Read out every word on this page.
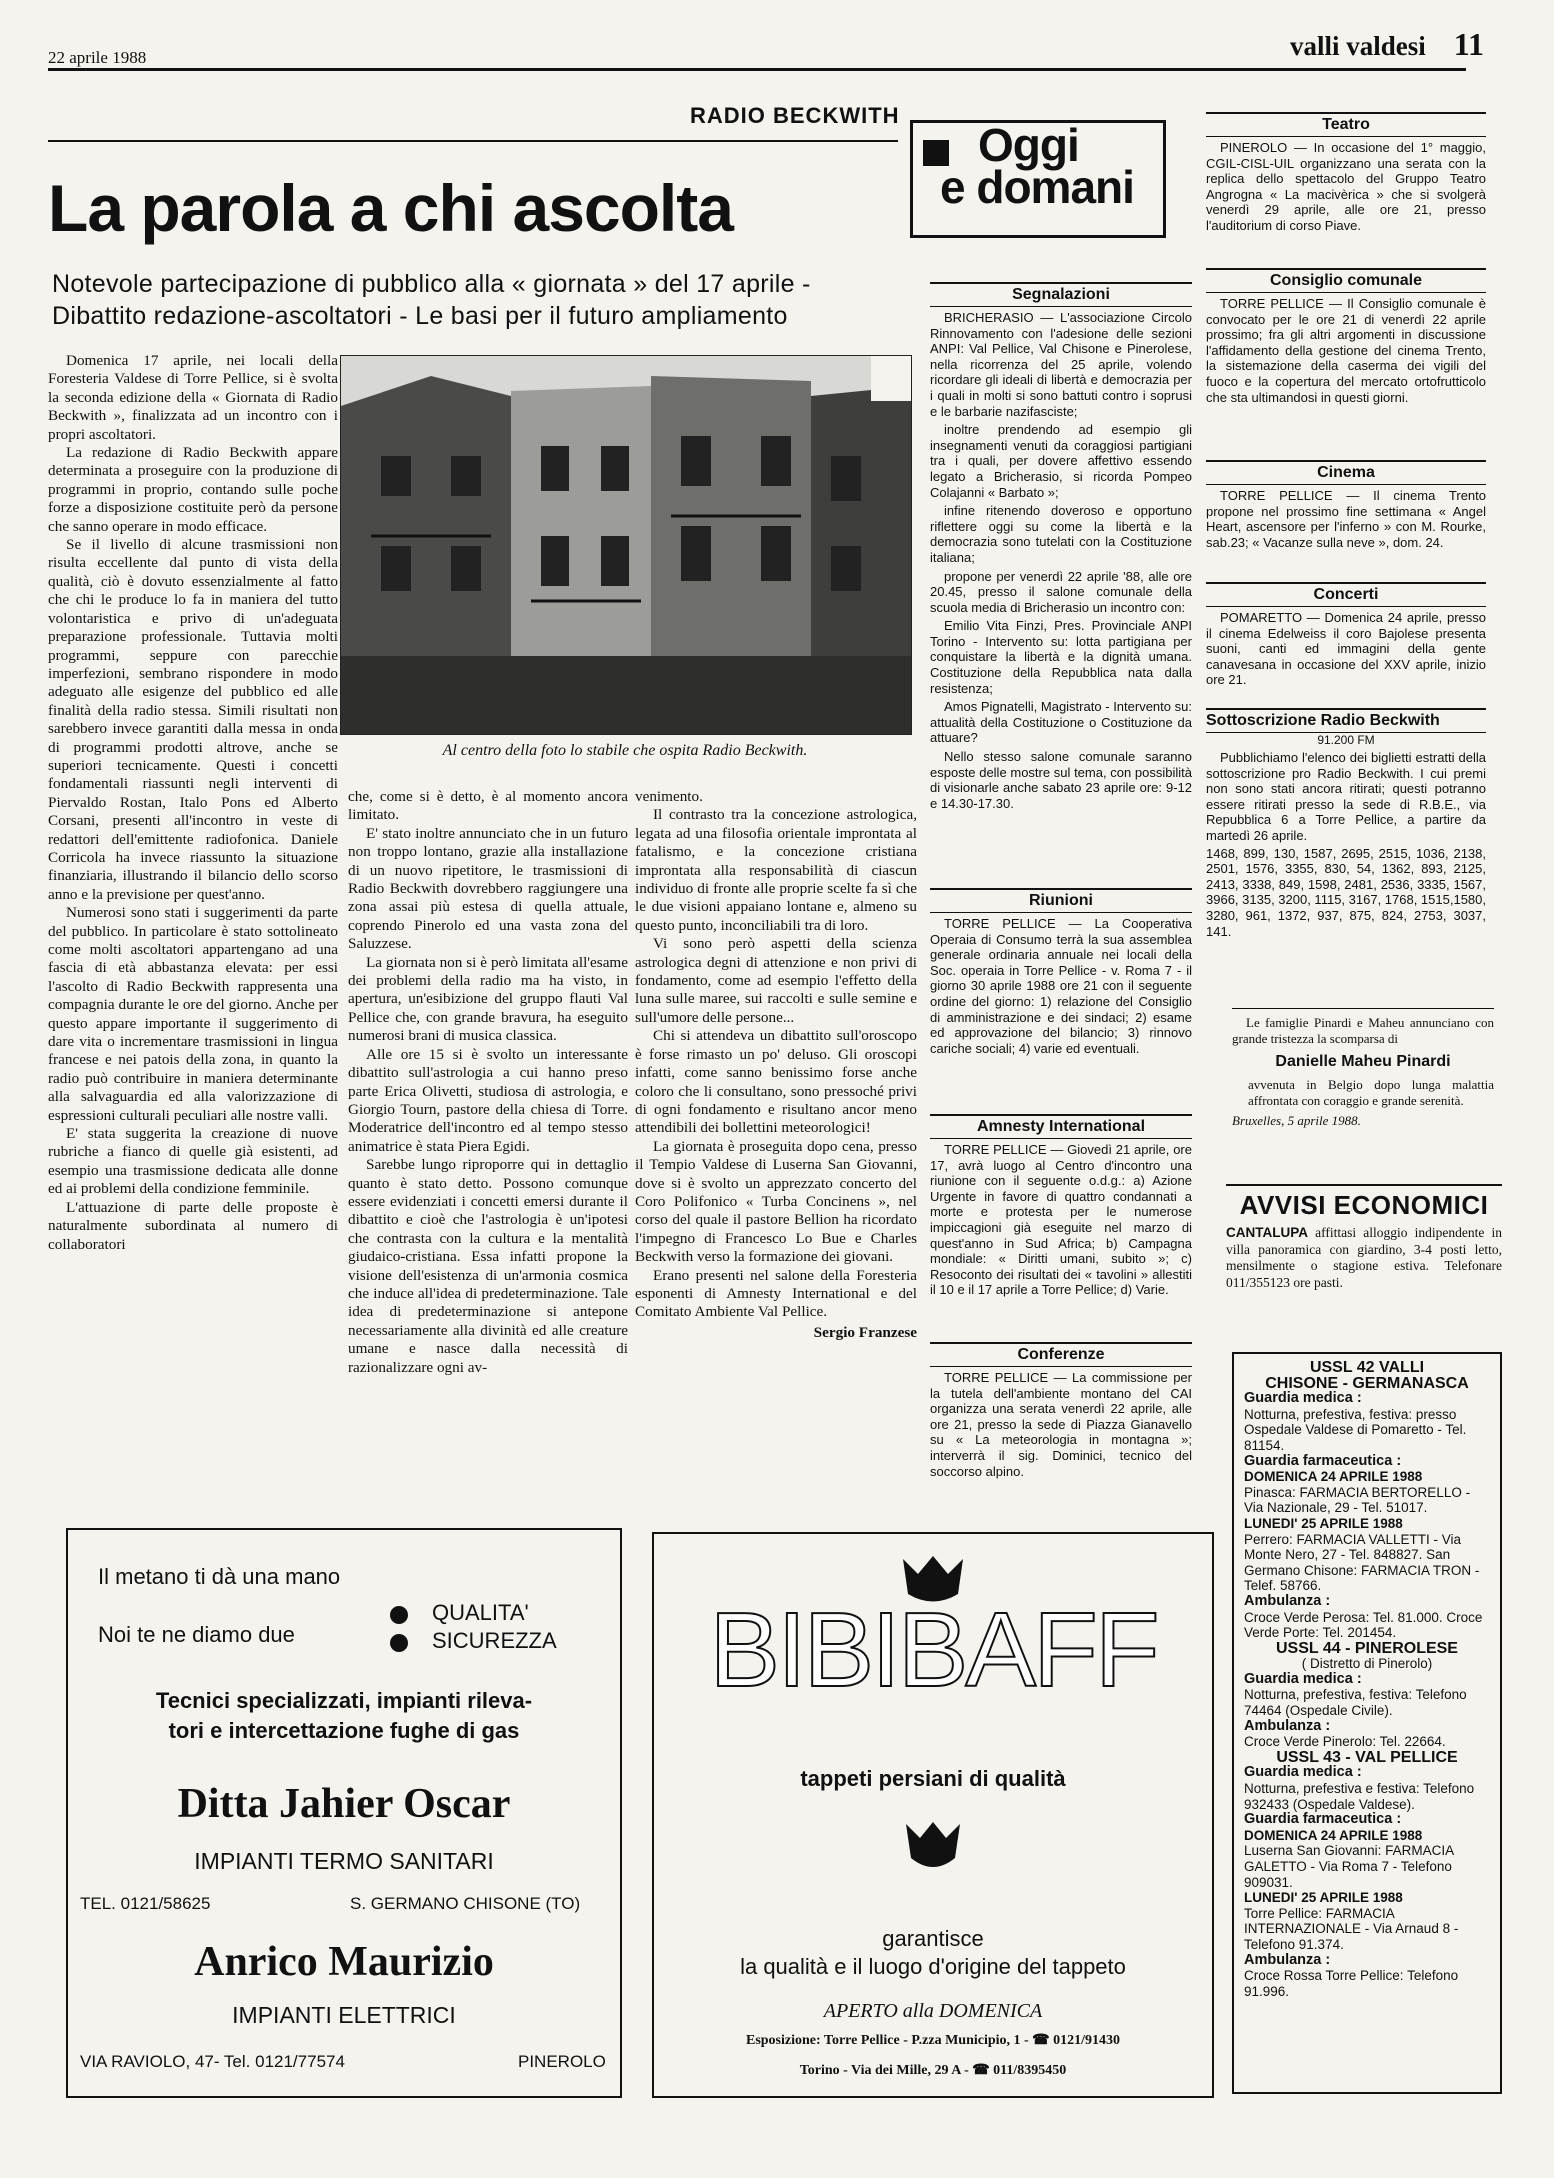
22 aprile 1988	valli valdesi 11
RADIO BECKWITH
La parola a chi ascolta
Notevole partecipazione di pubblico alla « giornata » del 17 aprile -
Dibattito redazione-ascoltatori - Le basi per il futuro ampliamento
Al centro della foto lo stabile che ospita Radio Beckwith.

Domenica 17 aprile, nei locali della Foresteria Valdese di Torre Pellice, si è svolta la seconda edizione della « Giornata di Radio Beckwith », finalizzata ad un incontro con i propri ascoltatori.

La redazione di Radio Beckwith appare determinata a proseguire con la produzione di programmi in proprio, contando sulle poche forze a disposizione costituite però da persone che sanno operare in modo efficace.

Se il livello di alcune trasmissioni non risulta eccellente dal punto di vista della qualità, ciò è dovuto essenzialmente al fatto che chi le produce lo fa in maniera del tutto volontaristica e privo di un'adeguata preparazione professionale. Tuttavia molti programmi, seppure con parecchie imperfezioni, sembrano rispondere in modo adeguato alle esigenze del pubblico ed alle finalità della radio stessa. Simili risultati non sarebbero invece garantiti dalla messa in onda di programmi prodotti altrove, anche se superiori tecnicamente. Questi i concetti fondamentali riassunti negli interventi di Piervaldo Rostan, Italo Pons ed Alberto Corsani, presenti all'incontro in veste di redattori dell'emittente radiofonica. Daniele Corricola ha invece riassunto la situazione finanziaria, illustrando il bilancio dello scorso anno e la previsione per quest'anno.

Numerosi sono stati i suggerimenti da parte del pubblico. In particolare è stato sottolineato come molti ascoltatori appartengano ad una fascia di età abbastanza elevata: per essi l'ascolto di Radio Beckwith rappresenta una compagnia durante le ore del giorno. Anche per questo appare importante il suggerimento di dare vita o incrementare trasmissioni in lingua francese e nei patois della zona, in quanto la radio può contribuire in maniera determinante alla salvaguardia ed alla valorizzazione di espressioni culturali peculiari alle nostre valli.

E' stata suggerita la creazione di nuove rubriche a fianco di quelle già esistenti, ad esempio una trasmissione dedicata alle donne ed ai problemi della condizione femminile.

L'attuazione di parte delle proposte è naturalmente subordinata al numero di collaboratori

che, come si è detto, è al momento ancora limitato.

E' stato inoltre annunciato che in un futuro non troppo lontano, grazie alla installazione di un nuovo ripetitore, le trasmissioni di Radio Beckwith dovrebbero raggiungere una zona assai più estesa di quella attuale, coprendo Pinerolo ed una vasta zona del Saluzzese.

La giornata non si è però limitata all'esame dei problemi della radio ma ha visto, in apertura, un'esibizione del gruppo flauti Val Pellice che, con grande bravura, ha eseguito numerosi brani di musica classica.

Alle ore 15 si è svolto un interessante dibattito sull'astrologia a cui hanno preso parte Erica Olivetti, studiosa di astrologia, e Giorgio Tourn, pastore della chiesa di Torre. Moderatrice dell'incontro ed al tempo stesso animatrice è stata Piera Egidi.

Sarebbe lungo riproporre qui in dettaglio quanto è stato detto. Possono comunque essere evidenziati i concetti emersi durante il dibattito e cioè che l'astrologia è un'ipotesi che contrasta con la cultura e la mentalità giudaico-cristiana. Essa infatti propone la visione dell'esistenza di un'armonia cosmica che induce all'idea di predeterminazione. Tale idea di predeterminazione si antepone necessariamente alla divinità ed alle creature umane e nasce dalla necessità di razionalizzare ogni av-

venimento.

Il contrasto tra la concezione astrologica, legata ad una filosofia orientale improntata al fatalismo, e la concezione cristiana improntata alla responsabilità di ciascun individuo di fronte alle proprie scelte fa sì che le due visioni appaiano lontane e, almeno su questo punto, inconciliabili tra di loro.

Vi sono però aspetti della scienza astrologica degni di attenzione e non privi di fondamento, come ad esempio l'effetto della luna sulle maree, sui raccolti e sulle semine e sull'umore delle persone...

Chi si attendeva un dibattito sull'oroscopo è forse rimasto un po' deluso. Gli oroscopi infatti, come sanno benissimo forse anche coloro che li consultano, sono pressoché privi di ogni fondamento e risultano ancor meno attendibili dei bollettini meteorologici!

La giornata è proseguita dopo cena, presso il Tempio Valdese di Luserna San Giovanni, dove si è svolto un apprezzato concerto del Coro Polifonico « Turba Concinens », nel corso del quale il pastore Bellion ha ricordato l'impegno di Francesco Lo Bue e Charles Beckwith verso la formazione dei giovani.

Erano presenti nel salone della Foresteria esponenti di Amnesty International e del Comitato Ambiente Val Pellice.

Sergio Franzese
Oggi
e domani
Segnalazioni

BRICHERASIO — L'associazione Circolo Rinnovamento con l'adesione delle sezioni ANPI: Val Pellice, Val Chisone e Pinerolese, nella ricorrenza del 25 aprile, volendo ricordare gli ideali di libertà e democrazia per i quali in molti si sono battuti contro i soprusi e le barbarie nazifasciste;

inoltre prendendo ad esempio gli insegnamenti venuti da coraggiosi partigiani tra i quali, per dovere affettivo essendo legato a Bricherasio, si ricorda Pompeo Colajanni « Barbato »;

infine ritenendo doveroso e opportuno riflettere oggi su come la libertà e la democrazia sono tutelati con la Costituzione italiana;

propone per venerdì 22 aprile '88, alle ore 20.45, presso il salone comunale della scuola media di Bricherasio un incontro con:

Emilio Vita Finzi, Pres. Provinciale ANPI Torino - Intervento su: lotta partigiana per conquistare la libertà e la dignità umana. Costituzione della Repubblica nata dalla resistenza;

Amos Pignatelli, Magistrato - Intervento su: attualità della Costituzione o Costituzione da attuare?

Nello stesso salone comunale saranno esposte delle mostre sul tema, con possibilità di visionarle anche sabato 23 aprile ore: 9-12 e 14.30-17.30.

Riunioni

TORRE PELLICE — La Cooperativa Operaia di Consumo terrà la sua assemblea generale ordinaria annuale nei locali della Soc. operaia in Torre Pellice - v. Roma 7 - il giorno 30 aprile 1988 ore 21 con il seguente ordine del giorno: 1) relazione del Consiglio di amministrazione e dei sindaci; 2) esame ed approvazione del bilancio; 3) rinnovo cariche sociali; 4) varie ed eventuali.

Amnesty International

TORRE PELLICE — Giovedì 21 aprile, ore 17, avrà luogo al Centro d'incontro una riunione con il seguente o.d.g.: a) Azione Urgente in favore di quattro condannati a morte e protesta per le numerose impiccagioni già eseguite nel marzo di quest'anno in Sud Africa; b) Campagna mondiale: « Diritti umani, subito »; c) Resoconto dei risultati dei « tavolini » allestiti il 10 e il 17 aprile a Torre Pellice; d) Varie.

Conferenze

TORRE PELLICE — La commissione per la tutela dell'ambiente montano del CAI organizza una serata venerdì 22 aprile, alle ore 21, presso la sede di Piazza Gianavello su « La meteorologia in montagna »; interverrà il sig. Dominici, tecnico del soccorso alpino.

Teatro

PINEROLO — In occasione del 1° maggio, CGIL-CISL-UIL organizzano una serata con la replica dello spettacolo del Gruppo Teatro Angrogna « La macivèrica » che si svolgerà venerdì 29 aprile, alle ore 21, presso l'auditorium di corso Piave.

Consiglio comunale

TORRE PELLICE — Il Consiglio comunale è convocato per le ore 21 di venerdì 22 aprile prossimo; fra gli altri argomenti in discussione l'affidamento della gestione del cinema Trento, la sistemazione della caserma dei vigili del fuoco e la copertura del mercato ortofrutticolo che sta ultimandosi in questi giorni.

Cinema

TORRE PELLICE — Il cinema Trento propone nel prossimo fine settimana « Angel Heart, ascensore per l'inferno » con M. Rourke, sab.23; « Vacanze sulla neve », dom. 24.

Concerti

POMARETTO — Domenica 24 aprile, presso il cinema Edelweiss il coro Bajolese presenta suoni, canti ed immagini della gente canavesana in occasione del XXV aprile, inizio ore 21.

Sottoscrizione Radio Beckwith
91.200 FM

Pubblichiamo l'elenco dei biglietti estratti della sottoscrizione pro Radio Beckwith. I cui premi non sono stati ancora ritirati; questi potranno essere ritirati presso la sede di R.B.E., via Repubblica 6 a Torre Pellice, a partire da martedì 26 aprile.

1468, 899, 130, 1587, 2695, 2515, 1036, 2138, 2501, 1576, 3355, 830, 54, 1362, 893, 2125, 2413, 3338, 849, 1598, 2481, 2536, 3335, 1567, 3966, 3135, 3200, 1115, 3167, 1768, 1515,1580, 3280, 961, 1372, 937, 875, 824, 2753, 3037, 141.

Le famiglie Pinardi e Maheu annunciano con grande tristezza la scomparsa di
Danielle Maheu Pinardi
avvenuta in Belgio dopo lunga malattia affrontata con coraggio e grande serenità.
Bruxelles, 5 aprile 1988.
AVVISI ECONOMICI
CANTALUPA affittasi alloggio indipendente in villa panoramica con giardino, 3-4 posti letto, mensilmente o stagione estiva. Telefonare 011/355123 ore pasti.
USSL 42 VALLI
CHISONE - GERMANASCA
Guardia medica :
Notturna, prefestiva, festiva: presso Ospedale Valdese di Pomaretto - Tel. 81154.
Guardia farmaceutica :
DOMENICA 24 APRILE 1988
Pinasca: FARMACIA BERTORELLO - Via Nazionale, 29 - Tel. 51017.
LUNEDI' 25 APRILE 1988
Perrero: FARMACIA VALLETTI - Via Monte Nero, 27 - Tel. 848827. San Germano Chisone: FARMACIA TRON - Telef. 58766.
Ambulanza :
Croce Verde Perosa: Tel. 81.000. Croce Verde Porte: Tel. 201454.
USSL 44 - PINEROLESE
( Distretto di Pinerolo)
Guardia medica :
Notturna, prefestiva, festiva: Telefono 74464 (Ospedale Civile).
Ambulanza :
Croce Verde Pinerolo: Tel. 22664.
USSL 43 - VAL PELLICE
Guardia medica :
Notturna, prefestiva e festiva: Telefono 932433 (Ospedale Valdese).
Guardia farmaceutica :
DOMENICA 24 APRILE 1988
Luserna San Giovanni: FARMACIA GALETTO - Via Roma 7 - Telefono 909031.
LUNEDI' 25 APRILE 1988
Torre Pellice: FARMACIA INTERNAZIONALE - Via Arnaud 8 - Telefono 91.374.
Ambulanza :
Croce Rossa Torre Pellice: Telefono 91.996.
Il metano ti dà una mano
Noi te ne diamo due
QUALITA'
SICUREZZA
Tecnici specializzati, impianti rileva-
tori e intercettazione fughe di gas
Ditta Jahier Oscar
IMPIANTI TERMO SANITARI
TEL. 0121/58625	S. GERMANO CHISONE (TO)
Anrico Maurizio
IMPIANTI ELETTRICI
VIA RAVIOLO, 47- Tel. 0121/77574	PINEROLO
BIBIBAFF
tappeti persiani di qualità
garantisce
la qualità e il luogo d'origine del tappeto
APERTO alla DOMENICA
Esposizione: Torre Pellice - P.zza Municipio, 1 - ☎ 0121/91430
Torino - Via dei Mille, 29 A - ☎ 011/8395450
